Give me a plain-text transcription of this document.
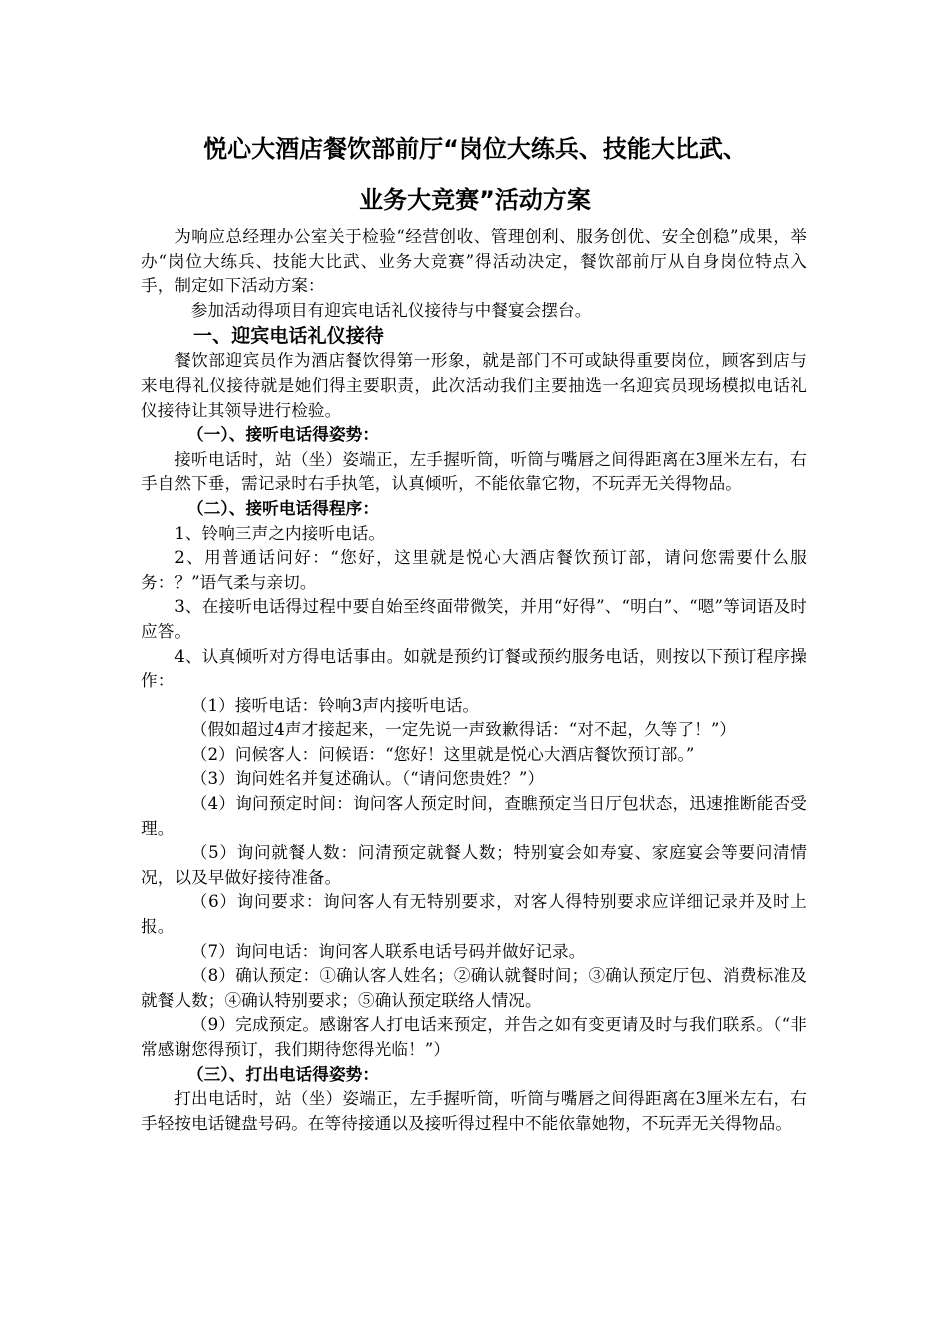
悦心大酒店餐饮部前厅“岗位大练兵、技能大比武、
业务大竞赛”活动方案

为响应总经理办公室关于检验“经营创收、管理创利、服务创优、安全创稳”成果，举办“岗位大练兵、技能大比武、业务大竞赛”得活动决定，餐饮部前厅从自身岗位特点入手，制定如下活动方案：

参加活动得项目有迎宾电话礼仪接待与中餐宴会摆台。

一、迎宾电话礼仪接待

餐饮部迎宾员作为酒店餐饮得第一形象，就是部门不可或缺得重要岗位，顾客到店与来电得礼仪接待就是她们得主要职责，此次活动我们主要抽选一名迎宾员现场模拟电话礼仪接待让其领导进行检验。

（一）、接听电话得姿势：

接听电话时，站（坐）姿端正，左手握听筒，听筒与嘴唇之间得距离在3厘米左右，右手自然下垂，需记录时右手执笔，认真倾听，不能依靠它物，不玩弄无关得物品。

（二）、接听电话得程序：

1、铃响三声之内接听电话。

2、用普通话问好：“您好，这里就是悦心大酒店餐饮预订部，请问您需要什么服务：？”语气柔与亲切。

3、在接听电话得过程中要自始至终面带微笑，并用“好得”、“明白”、“嗯”等词语及时应答。

4、认真倾听对方得电话事由。如就是预约订餐或预约服务电话，则按以下预订程序操作：

（1）接听电话：铃响3声内接听电话。

（假如超过4声才接起来，一定先说一声致歉得话：“对不起，久等了！”）

（2）问候客人：问候语：“您好！这里就是悦心大酒店餐饮预订部。”

（3）询问姓名并复述确认。（“请问您贵姓？”）

（4）询问预定时间：询问客人预定时间，查瞧预定当日厅包状态，迅速推断能否受理。

（5）询问就餐人数：问清预定就餐人数；特别宴会如寿宴、家庭宴会等要问清情况，以及早做好接待准备。

（6）询问要求：询问客人有无特别要求，对客人得特别要求应详细记录并及时上报。

（7）询问电话：询问客人联系电话号码并做好记录。

（8）确认预定：①确认客人姓名；②确认就餐时间；③确认预定厅包、消费标准及就餐人数；④确认特别要求；⑤确认预定联络人情况。

（9）完成预定。感谢客人打电话来预定，并告之如有变更请及时与我们联系。（“非常感谢您得预订，我们期待您得光临！”）

（三）、打出电话得姿势：

打出电话时，站（坐）姿端正，左手握听筒，听筒与嘴唇之间得距离在3厘米左右，右手轻按电话键盘号码。在等待接通以及接听得过程中不能依靠她物，不玩弄无关得物品。
